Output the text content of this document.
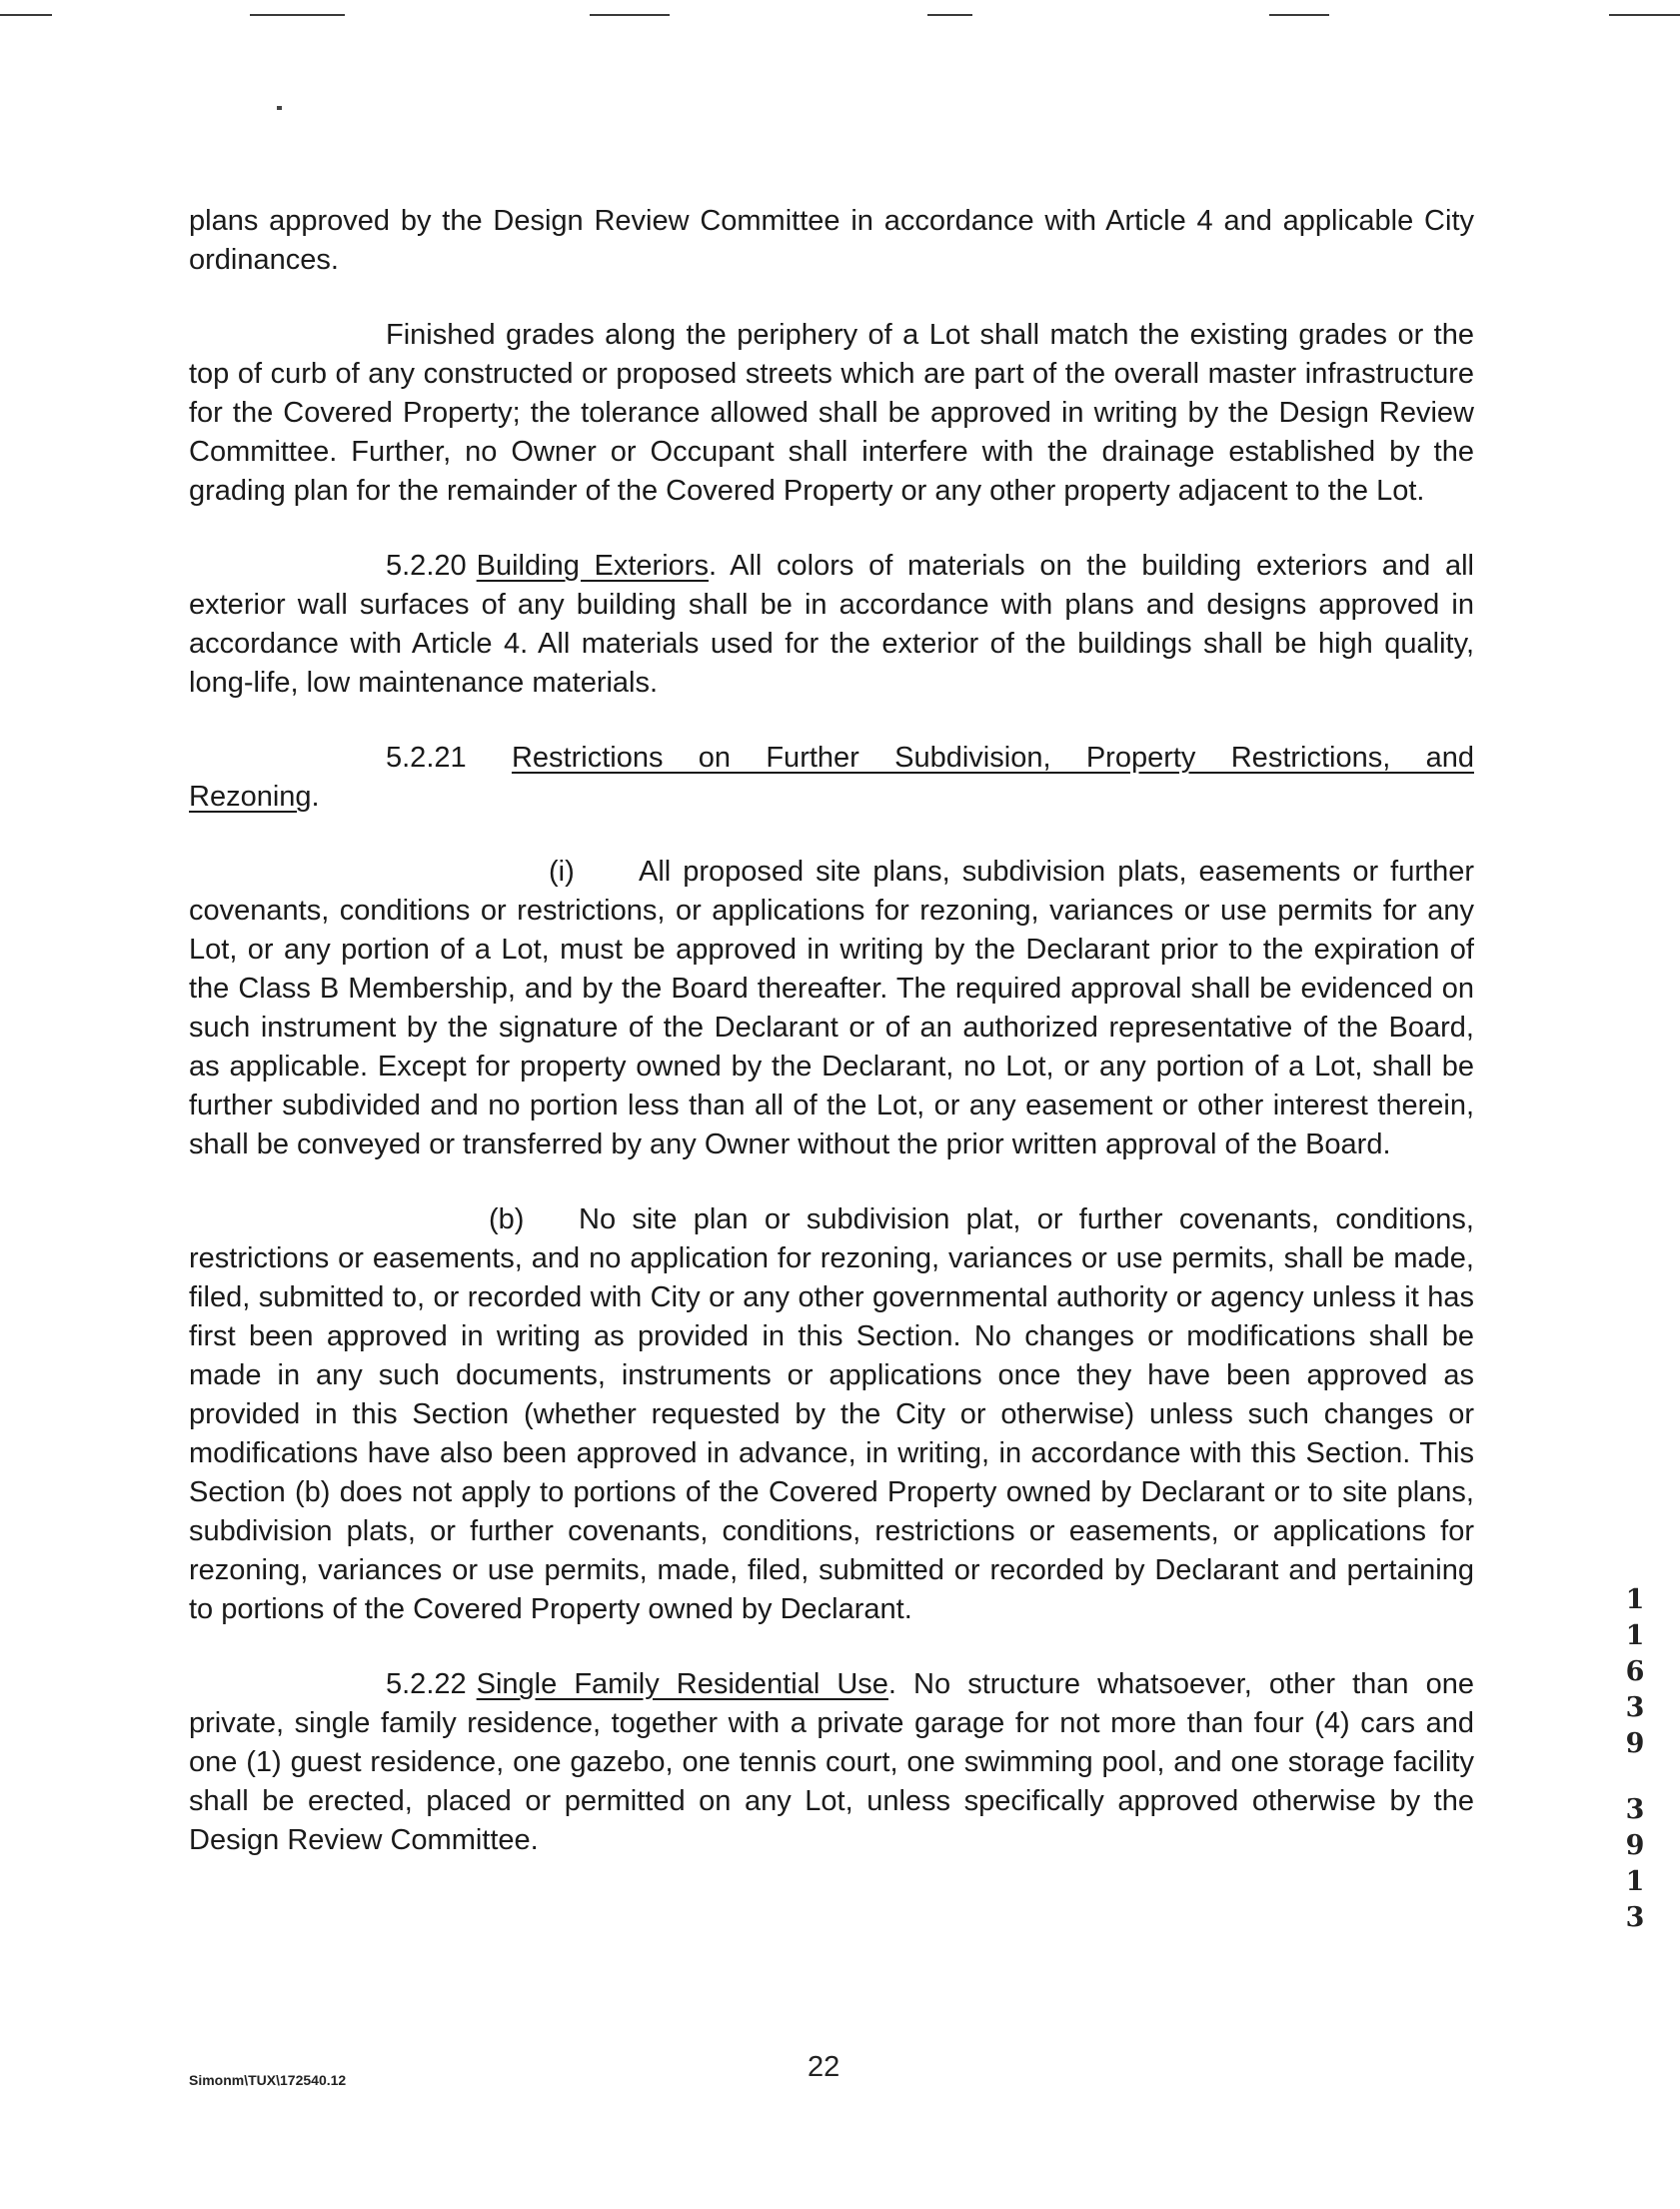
plans approved by the Design Review Committee in accordance with Article 4 and applicable City ordinances.

Finished grades along the periphery of a Lot shall match the existing grades or the top of curb of any constructed or proposed streets which are part of the overall master infrastructure for the Covered Property; the tolerance allowed shall be approved in writing by the Design Review Committee. Further, no Owner or Occupant shall interfere with the drainage established by the grading plan for the remainder of the Covered Property or any other property adjacent to the Lot.

5.2.20 Building Exteriors. All colors of materials on the building exteriors and all exterior wall surfaces of any building shall be in accordance with plans and designs approved in accordance with Article 4. All materials used for the exterior of the buildings shall be high quality, long-life, low maintenance materials.

5.2.21 Restrictions on Further Subdivision, Property Restrictions, and
Rezoning.

(i) All proposed site plans, subdivision plats, easements or further covenants, conditions or restrictions, or applications for rezoning, variances or use permits for any Lot, or any portion of a Lot, must be approved in writing by the Declarant prior to the expiration of the Class B Membership, and by the Board thereafter. The required approval shall be evidenced on such instrument by the signature of the Declarant or of an authorized representative of the Board, as applicable. Except for property owned by the Declarant, no Lot, or any portion of a Lot, shall be further subdivided and no portion less than all of the Lot, or any easement or other interest therein, shall be conveyed or transferred by any Owner without the prior written approval of the Board.

(b) No site plan or subdivision plat, or further covenants, conditions, restrictions or easements, and no application for rezoning, variances or use permits, shall be made, filed, submitted to, or recorded with City or any other governmental authority or agency unless it has first been approved in writing as provided in this Section. No changes or modifications shall be made in any such documents, instruments or applications once they have been approved as provided in this Section (whether requested by the City or otherwise) unless such changes or modifications have also been approved in advance, in writing, in accordance with this Section. This Section (b) does not apply to portions of the Covered Property owned by Declarant or to site plans, subdivision plats, or further covenants, conditions, restrictions or easements, or applications for rezoning, variances or use permits, made, filed, submitted or recorded by Declarant and pertaining to portions of the Covered Property owned by Declarant.

5.2.22 Single Family Residential Use. No structure whatsoever, other than one private, single family residence, together with a private garage for not more than four (4) cars and one (1) guest residence, one gazebo, one tennis court, one swimming pool, and one storage facility shall be erected, placed or permitted on any Lot, unless specifically approved otherwise by the Design Review Committee.

1
1
6
3
9
3
9
1
3
Simonm\TUX\172540.12	22
